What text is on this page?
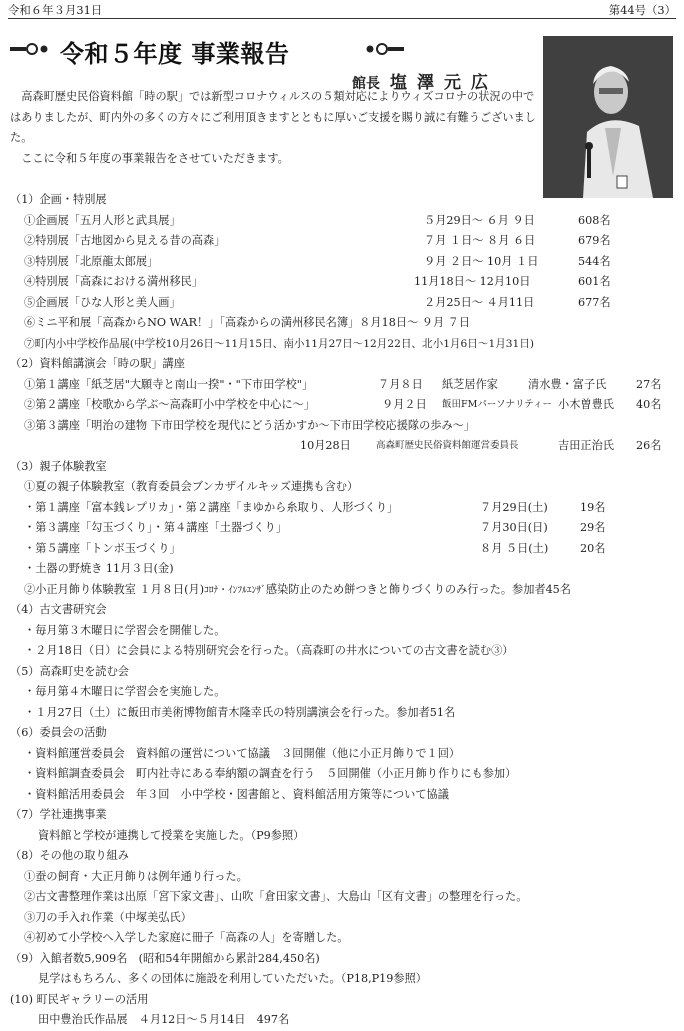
令和６年３月31日	第44号（3）
令和５年度 事業報告
館長 塩澤元広

高森町歴史民俗資料館「時の駅」では新型コロナウィルスの５類対応によりウィズコロナの状況の中ではありましたが、町内外の多くの方々にご利用頂きますとともに厚いご支援を賜り誠に有難うございました。

ここに令和５年度の事業報告をさせていただきます。

（1）企画・特別展
①企画展「五月人形と武具展」	５月29日～ ６月 ９日	608名
②特別展「古地図から見える昔の高森」	７月 １日～ ８月 ６日	679名
③特別展「北原龍太郎展」	９月 ２日～ 10月 １日	544名
④特別展「高森における満州移民」	11月18日～ 12月10日	601名
⑤企画展「ひな人形と美人画」	２月25日～ ４月11日	677名
⑥ミニ平和展「高森からNO WAR！」「高森からの満州移民名簿」８月18日～ ９月 ７日
⑦町内小中学校作品展(中学校10月26日～11月15日、南小11月27日～12月22日、北小1月6日～1月31日)
（2）資料館講演会「時の駅」講座
①第１講座「紙芝居"大願寺と南山一揆"・"下市田学校"」	７月８日 紙芝居作家	清水豊・富子氏	27名
②第２講座「校歌から学ぶ～高森町小中学校を中心に～」	９月２日 飯田FMパーソナリティー 小木曽豊氏 40名
③第３講座「明治の建物 下市田学校を現代にどう活かすか～下市田学校応援隊の歩み～」
10月28日	高森町歴史民俗資料館運営委員長	吉田正治氏 26名
（3）親子体験教室
①夏の親子体験教室（教育委員会ブンカザイルキッズ連携も含む）
・第１講座「富本銭レプリカ」・第２講座「まゆから糸取り、人形づくり」	７月29日(土)	19名
・第３講座「勾玉づくり」・第４講座「土器づくり」	７月30日(日)	29名
・第５講座「トンボ玉づくり」	８月 ５日(土)	20名
・土器の野焼き 11月３日(金)
②小正月飾り体験教室 １月８日(月)ｺﾛﾅ・ｲﾝﾌﾙｴﾝｻﾞ感染防止のため餅つきと飾りづくりのみ行った。参加者45名
（4）古文書研究会
・毎月第３木曜日に学習会を開催した。
・２月18日（日）に会員による特別研究会を行った。（高森町の井水についての古文書を読む③）
（5）高森町史を読む会
・毎月第４木曜日に学習会を実施した。
・１月27日（土）に飯田市美術博物館青木隆幸氏の特別講演会を行った。参加者51名
（6）委員会の活動
・資料館運営委員会　資料館の運営について協議　３回開催（他に小正月飾りで１回）
・資料館調査委員会　町内社寺にある奉納額の調査を行う　５回開催（小正月飾り作りにも参加）
・資料館活用委員会　年３回　小中学校・図書館と、資料館活用方策等について協議
（7）学社連携事業
資料館と学校が連携して授業を実施した。（P9参照）
（8）その他の取り組み
①蚕の飼育・大正月飾りは例年通り行った。
②古文書整理作業は出原「宮下家文書」、山吹「倉田家文書」、大島山「区有文書」の整理を行った。
③刀の手入れ作業（中塚美弘氏）
④初めて小学校へ入学した家庭に冊子「高森の人」を寄贈した。
（9）入館者数5,909名　(昭和54年開館から累計284,450名)
見学はもちろん、多くの団体に施設を利用していただいた。（P18,P19参照）
(10) 町民ギャラリーの活用
田中豊治氏作品展　４月12日～５月14日　497名
